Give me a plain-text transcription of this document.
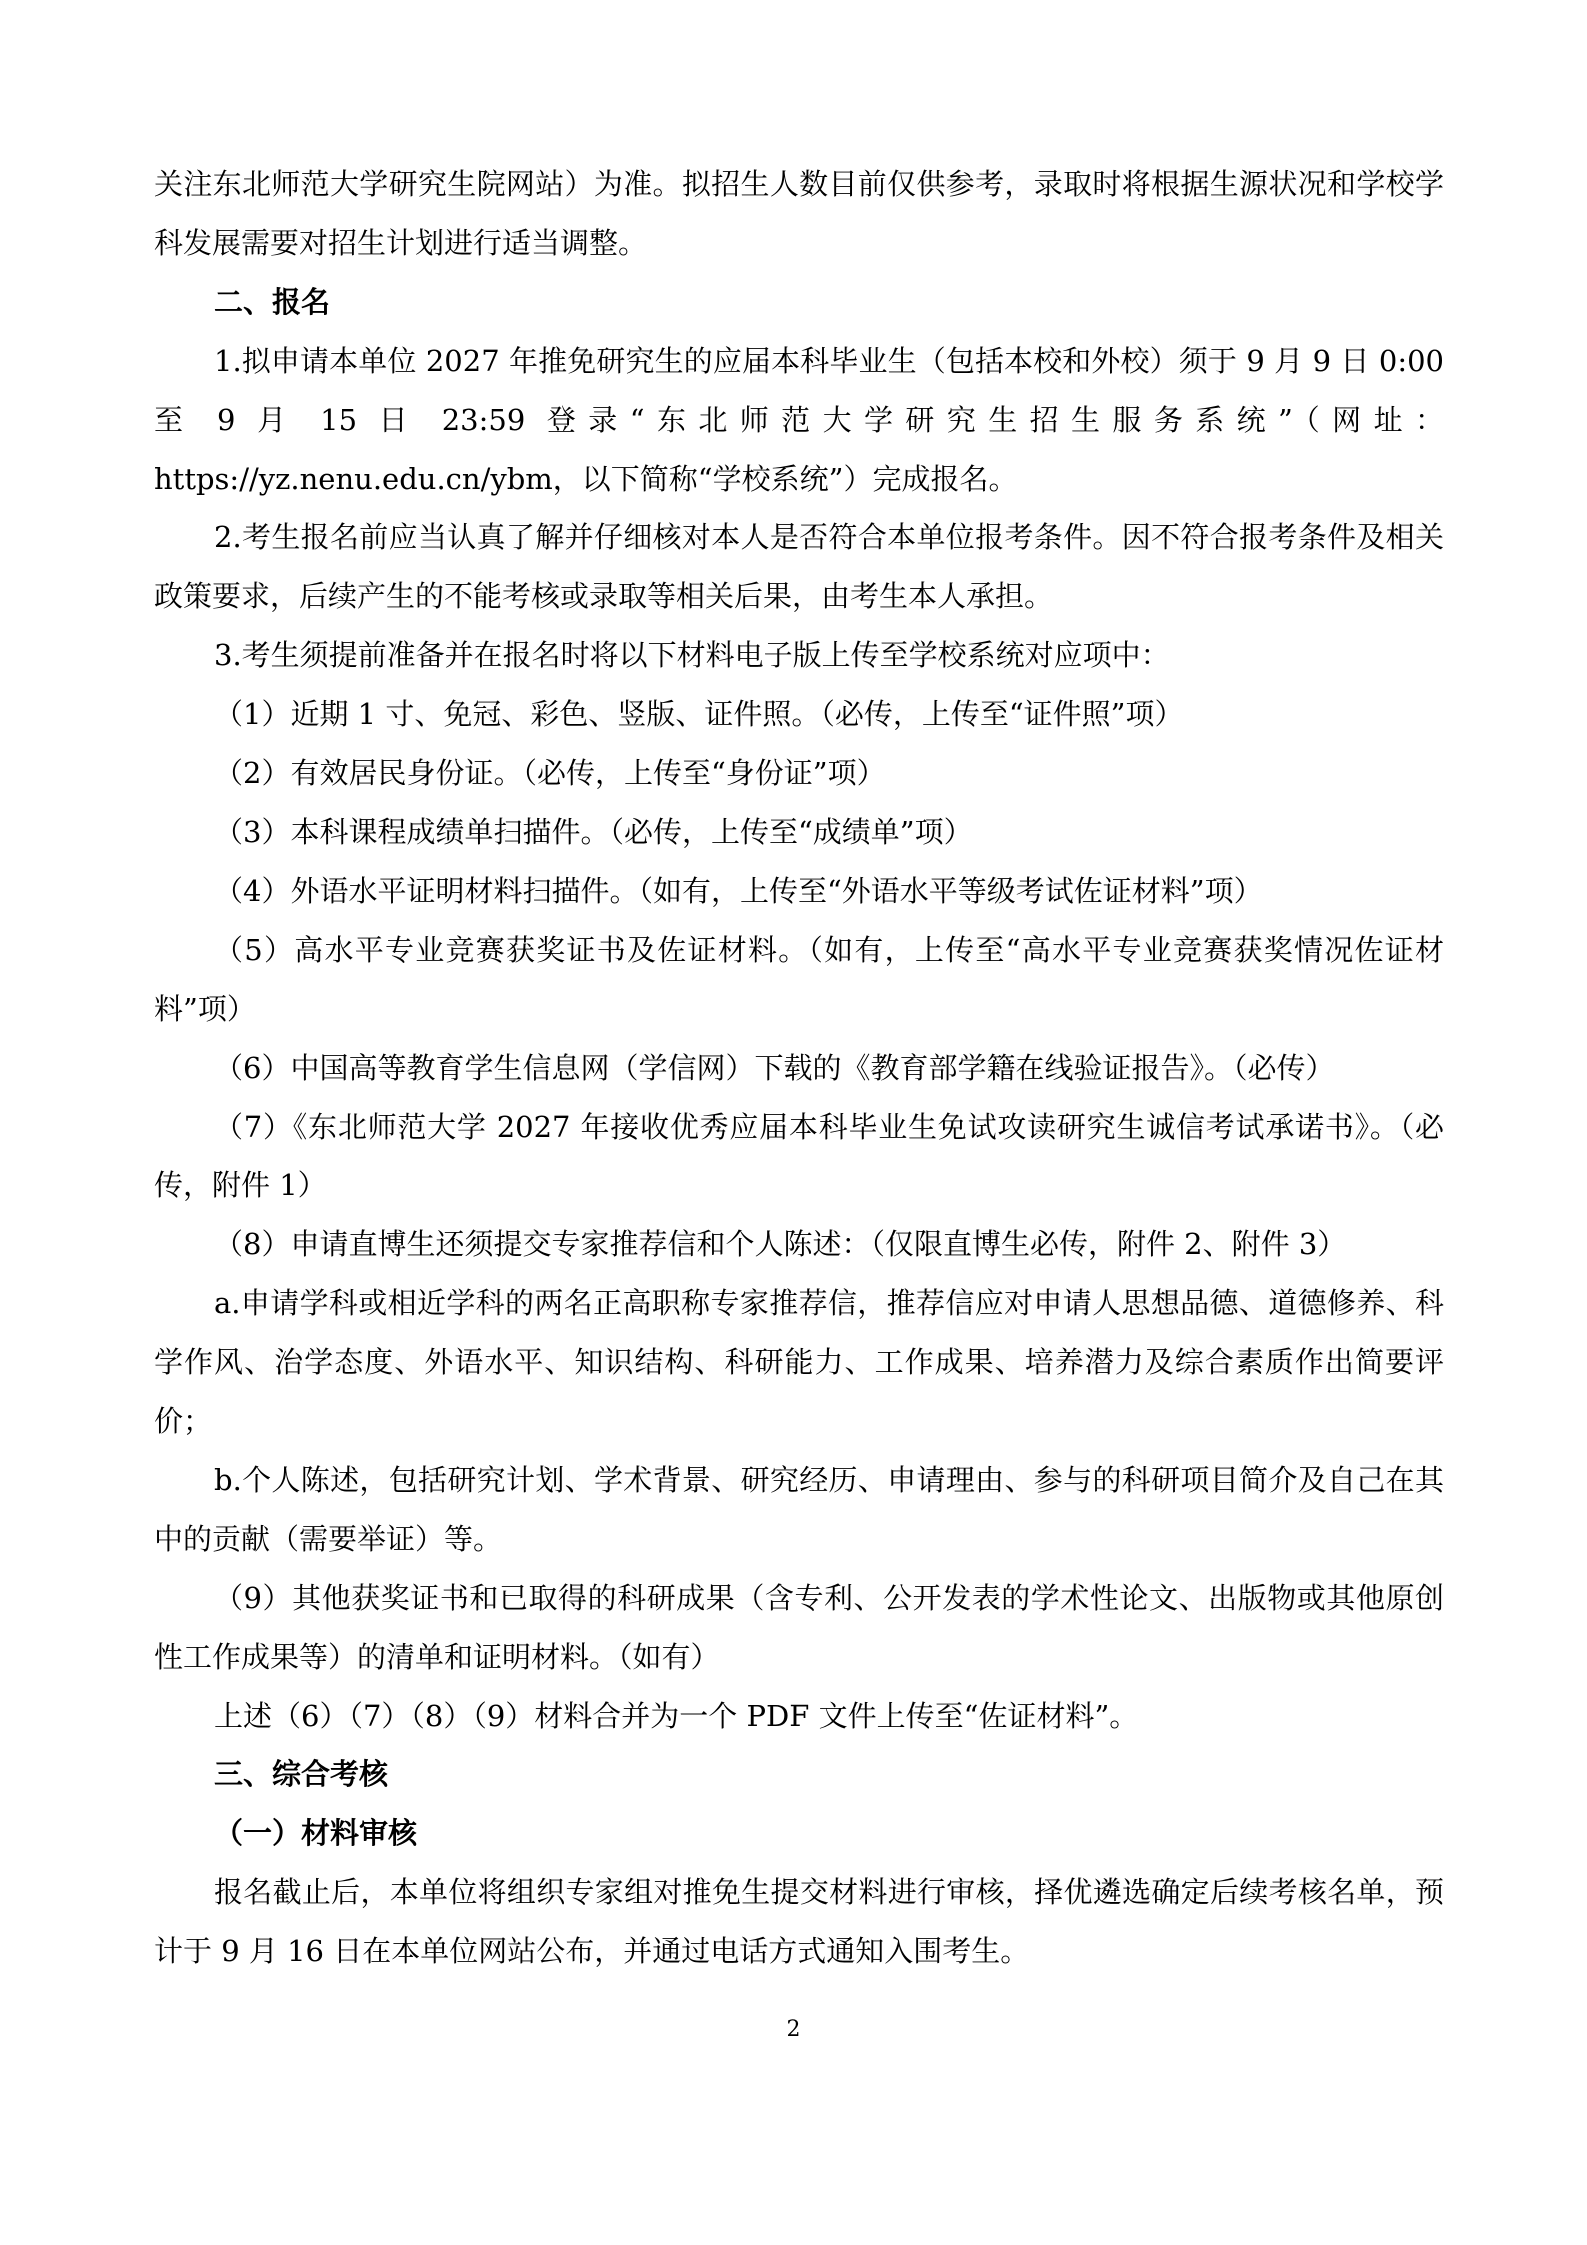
关注东北师范大学研究生院网站）为准。拟招生人数目前仅供参考，录取时将根据生源状况和学校学科发展需要对招生计划进行适当调整。

二、报名

1.拟申请本单位 2027 年推免研究生的应届本科毕业生（包括本校和外校）须于 9 月 9 日 0:00 至 9 月 15 日 23:59 登录“东北师范大学研究生招生服务系统”（网址：https://yz.nenu.edu.cn/ybm，以下简称“学校系统”）完成报名。

2.考生报名前应当认真了解并仔细核对本人是否符合本单位报考条件。因不符合报考条件及相关政策要求，后续产生的不能考核或录取等相关后果，由考生本人承担。

3.考生须提前准备并在报名时将以下材料电子版上传至学校系统对应项中：

（1）近期 1 寸、免冠、彩色、竖版、证件照。（必传，上传至“证件照”项）

（2）有效居民身份证。（必传，上传至“身份证”项）

（3）本科课程成绩单扫描件。（必传，上传至“成绩单”项）

（4）外语水平证明材料扫描件。（如有，上传至“外语水平等级考试佐证材料”项）

（5）高水平专业竞赛获奖证书及佐证材料。（如有，上传至“高水平专业竞赛获奖情况佐证材料”项）

（6）中国高等教育学生信息网（学信网）下载的《教育部学籍在线验证报告》。（必传）

（7）《东北师范大学 2027 年接收优秀应届本科毕业生免试攻读研究生诚信考试承诺书》。（必传，附件 1）

（8）申请直博生还须提交专家推荐信和个人陈述：（仅限直博生必传，附件 2、附件 3）

a.申请学科或相近学科的两名正高职称专家推荐信，推荐信应对申请人思想品德、道德修养、科学作风、治学态度、外语水平、知识结构、科研能力、工作成果、培养潜力及综合素质作出简要评价；

b.个人陈述，包括研究计划、学术背景、研究经历、申请理由、参与的科研项目简介及自己在其中的贡献（需要举证）等。

（9）其他获奖证书和已取得的科研成果（含专利、公开发表的学术性论文、出版物或其他原创性工作成果等）的清单和证明材料。（如有）

上述（6）（7）（8）（9）材料合并为一个 PDF 文件上传至“佐证材料”。

三、综合考核

（一）材料审核

报名截止后，本单位将组织专家组对推免生提交材料进行审核，择优遴选确定后续考核名单，预计于 9 月 16 日在本单位网站公布，并通过电话方式通知入围考生。

2
